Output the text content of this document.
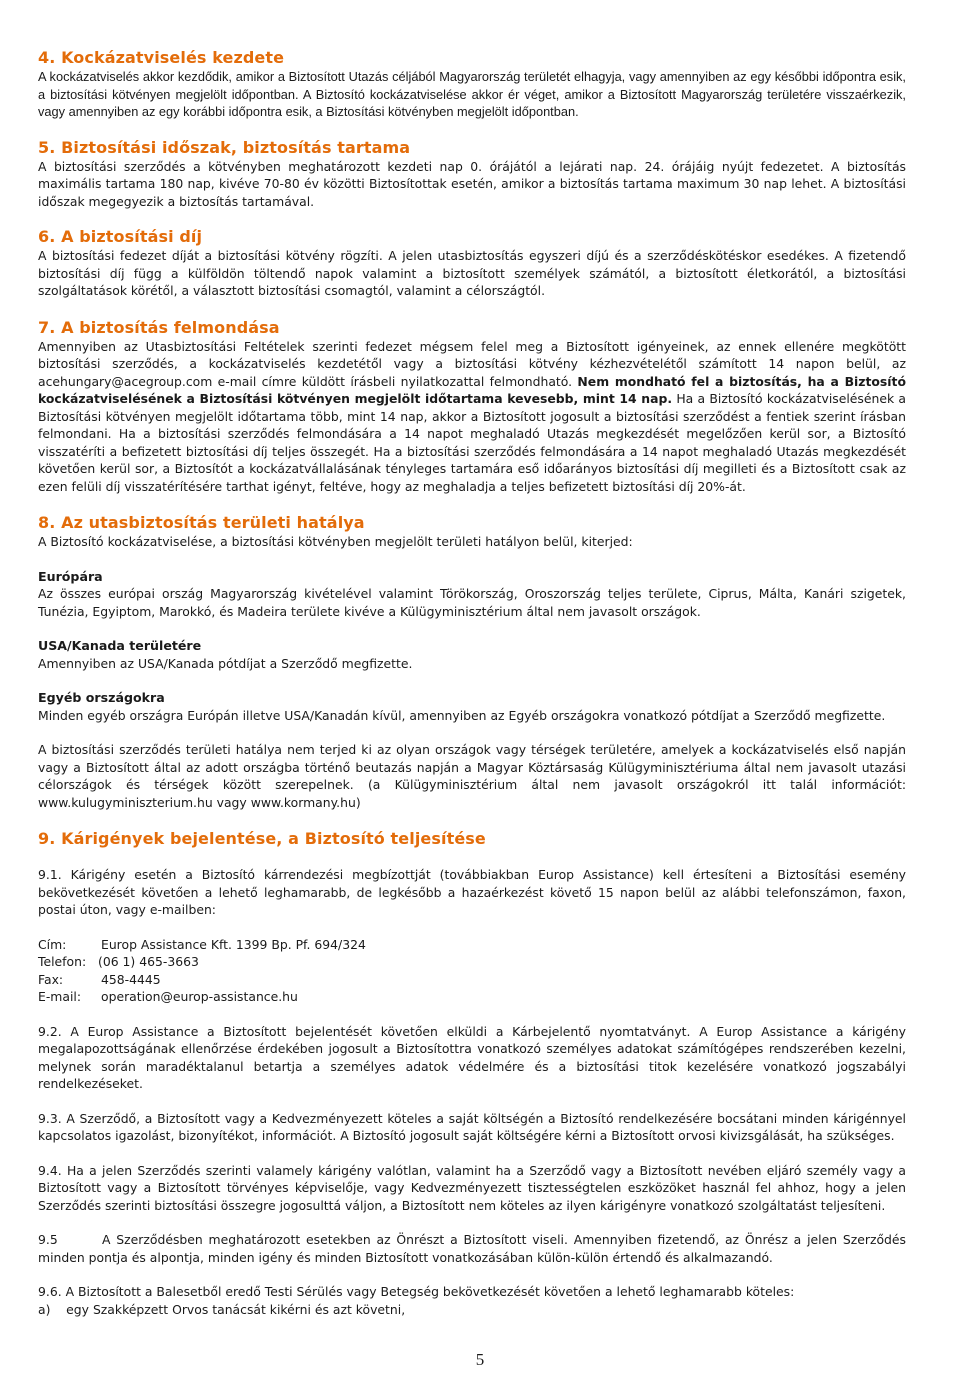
4. Kockázatviselés kezdete

A kockázatviselés akkor kezdődik, amikor a Biztosított Utazás céljából Magyarország területét elhagyja, vagy amennyiben az egy későbbi időpontra esik, a biztosítási kötvényen megjelölt időpontban. A Biztosító kockázatviselése akkor ér véget, amikor a Biztosított Magyarország területére visszaérkezik, vagy amennyiben az egy korábbi időpontra esik, a Biztosítási kötvényben megjelölt időpontban.

5. Biztosítási időszak, biztosítás tartama

A biztosítási szerződés a kötvényben meghatározott kezdeti nap 0. órájától a lejárati nap. 24. órájáig nyújt fedezetet. A biztosítás maximális tartama 180 nap, kivéve 70-80 év közötti Biztosítottak esetén, amikor a biztosítás tartama maximum 30 nap lehet. A biztosítási időszak megegyezik a biztosítás tartamával.

6. A biztosítási díj

A biztosítási fedezet díját a biztosítási kötvény rögzíti. A jelen utasbiztosítás egyszeri díjú és a szerződéskötéskor esedékes. A fizetendő biztosítási díj függ a külföldön töltendő napok valamint a biztosított személyek számától, a biztosított életkorától, a biztosítási szolgáltatások körétől, a választott biztosítási csomagtól, valamint a célországtól.

7. A biztosítás felmondása

Amennyiben az Utasbiztosítási Feltételek szerinti fedezet mégsem felel meg a Biztosított igényeinek, az ennek ellenére megkötött biztosítási szerződés, a kockázatviselés kezdetétől vagy a biztosítási kötvény kézhezvételétől számított 14 napon belül, az acehungary@acegroup.com e-mail címre küldött írásbeli nyilatkozattal felmondható. Nem mondható fel a biztosítás, ha a Biztosító kockázatviselésének a Biztosítási kötvényen megjelölt időtartama kevesebb, mint 14 nap. Ha a Biztosító kockázatviselésének a Biztosítási kötvényen megjelölt időtartama több, mint 14 nap, akkor a Biztosított jogosult a biztosítási szerződést a fentiek szerint írásban felmondani. Ha a biztosítási szerződés felmondására a 14 napot meghaladó Utazás megkezdését megelőzően kerül sor, a Biztosító visszatéríti a befizetett biztosítási díj teljes összegét. Ha a biztosítási szerződés felmondására a 14 napot meghaladó Utazás megkezdését követően kerül sor, a Biztosítót a kockázatvállalásának tényleges tartamára eső időarányos biztosítási díj megilleti és a Biztosított csak az ezen felüli díj visszatérítésére tarthat igényt, feltéve, hogy az meghaladja a teljes befizetett biztosítási díj 20%-át.

8. Az utasbiztosítás területi hatálya

A Biztosító kockázatviselése, a biztosítási kötvényben megjelölt területi hatályon belül, kiterjed:

Európára

Az összes európai ország Magyarország kivételével valamint Törökország, Oroszország teljes területe, Ciprus, Málta, Kanári szigetek, Tunézia, Egyiptom, Marokkó, és Madeira területe kivéve a Külügyminisztérium által nem javasolt országok.

USA/Kanada területére

Amennyiben az USA/Kanada pótdíjat a Szerződő megfizette.

Egyéb országokra

Minden egyéb országra Európán illetve USA/Kanadán kívül, amennyiben az Egyéb országokra vonatkozó pótdíjat a Szerződő megfizette.

A biztosítási szerződés területi hatálya nem terjed ki az olyan országok vagy térségek területére, amelyek a kockázatviselés első napján vagy a Biztosított által az adott országba történő beutazás napján a Magyar Köztársaság Külügyminisztériuma által nem javasolt utazási célországok és térségek között szerepelnek. (a Külügyminisztérium által nem javasolt országokról itt talál információt: www.kulugyminiszterium.hu vagy www.kormany.hu)

9. Kárigények bejelentése, a Biztosító teljesítése

9.1. Kárigény esetén a Biztosító kárrendezési megbízottját (továbbiakban Europ Assistance) kell értesíteni a Biztosítási esemény bekövetkezését követően a lehető leghamarabb, de legkésőbb a hazaérkezést követő 15 napon belül az alábbi telefonszámon, faxon, postai úton, vagy e-mailben:

Cím:	Europ Assistance Kft. 1399 Bp. Pf. 694/324
Telefon: (06 1) 465-3663
Fax:	458-4445
E-mail:	operation@europ-assistance.hu

9.2. A Europ Assistance a Biztosított bejelentését követően elküldi a Kárbejelentő nyomtatványt. A Europ Assistance a kárigény megalapozottságának ellenőrzése érdekében jogosult a Biztosítottra vonatkozó személyes adatokat számítógépes rendszerében kezelni, melynek során maradéktalanul betartja a személyes adatok védelmére és a biztosítási titok kezelésére vonatkozó jogszabályi rendelkezéseket.

9.3. A Szerződő, a Biztosított vagy a Kedvezményezett köteles a saját költségén a Biztosító rendelkezésére bocsátani minden kárigénnyel kapcsolatos igazolást, bizonyítékot, információt. A Biztosító jogosult saját költségére kérni a Biztosított orvosi kivizsgálását, ha szükséges.

9.4. Ha a jelen Szerződés szerinti valamely kárigény valótlan, valamint ha a Szerződő vagy a Biztosított nevében eljáró személy vagy a Biztosított vagy a Biztosított törvényes képviselője, vagy Kedvezményezett tisztességtelen eszközöket használ fel ahhoz, hogy a jelen Szerződés szerinti biztosítási összegre jogosulttá váljon, a Biztosított nem köteles az ilyen kárigényre vonatkozó szolgáltatást teljesíteni.

9.5	A Szerződésben meghatározott esetekben az Önrészt a Biztosított viseli. Amennyiben fizetendő, az Önrész a jelen Szerződés minden pontja és alpontja, minden igény és minden Biztosított vonatkozásában külön-külön értendő és alkalmazandó.

9.6. A Biztosított a Balesetből eredő Testi Sérülés vagy Betegség bekövetkezését követően a lehető leghamarabb köteles:

a)    egy Szakképzett Orvos tanácsát kikérni és azt követni,

5
